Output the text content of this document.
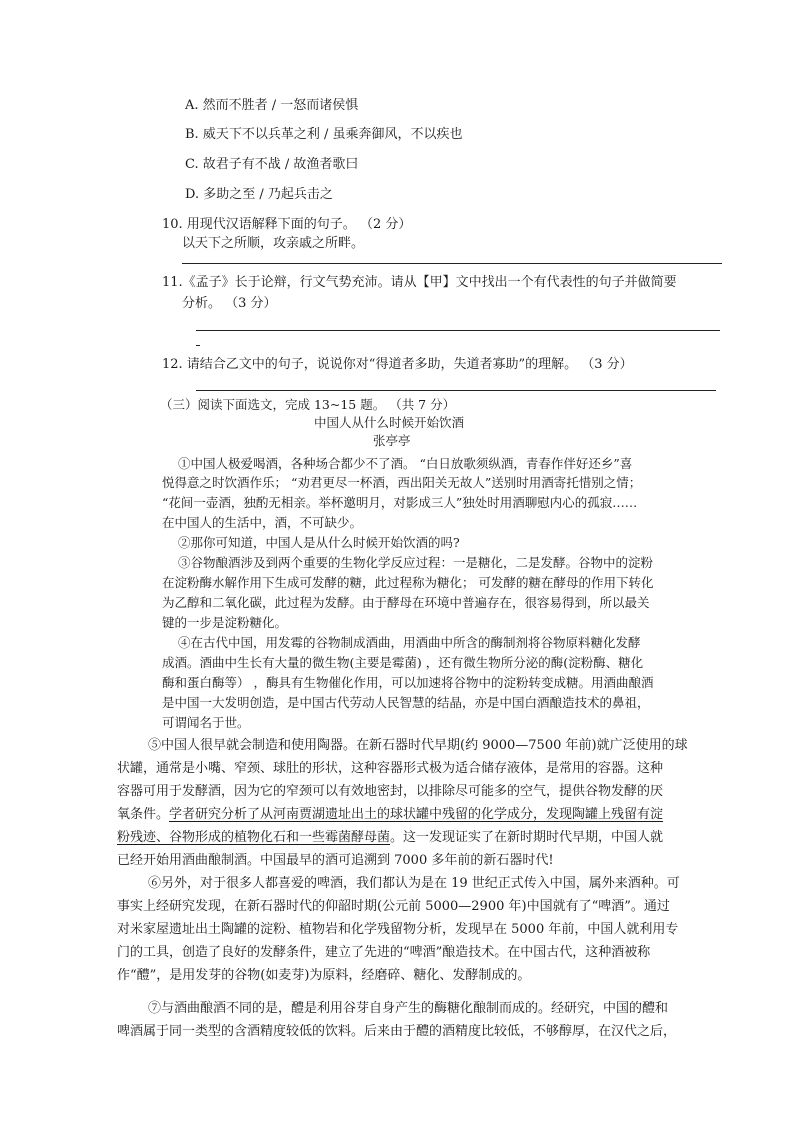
A. 然而不胜者 / 一怒而诸侯惧
B. 威天下不以兵革之利 / 虽乘奔御风，不以疾也
C. 故君子有不战 / 故渔者歌曰
D. 多助之至 / 乃起兵击之
10. 用现代汉语解释下面的句子。 （2 分）
以天下之所顺，攻亲戚之所畔。
11.《孟子》长于论辩，行文气势充沛。请从【甲】文中找出一个有代表性的句子并做简要
分析。 （3 分）
12. 请结合乙文中的句子，说说你对“得道者多助，失道者寡助”的理解。 （3 分）
（三）阅读下面选文，完成 13~15 题。 （共 7 分）
中国人从什么时候开始饮酒
张亭亭
①中国人极爱喝酒，各种场合都少不了酒。 “白日放歌须纵酒，青春作伴好还乡”喜
悦得意之时饮酒作乐； “劝君更尽一杯酒，西出阳关无故人”送别时用酒寄托惜别之情；
“花间一壶酒，独酌无相亲。举杯邀明月，对影成三人”独处时用酒聊慰内心的孤寂……
在中国人的生活中，酒，不可缺少。
②那你可知道，中国人是从什么时候开始饮酒的吗?
③谷物酿酒涉及到两个重要的生物化学反应过程：一是糖化，二是发酵。谷物中的淀粉
在淀粉酶水解作用下生成可发酵的糖，此过程称为糖化； 可发酵的糖在酵母的作用下转化
为乙醇和二氧化碳，此过程为发酵。由于酵母在环境中普遍存在，很容易得到，所以最关
键的一步是淀粉糖化。
④在古代中国，用发霉的谷物制成酒曲，用酒曲中所含的酶制剂将谷物原料糖化发酵
成酒。酒曲中生长有大量的微生物(主要是霉菌) ，还有微生物所分泌的酶(淀粉酶、糖化
酶和蛋白酶等） ，酶具有生物催化作用，可以加速将谷物中的淀粉转变成糖。用酒曲酿酒
是中国一大发明创造，是中国古代劳动人民智慧的结晶，亦是中国白酒酿造技术的鼻祖，
可谓闻名于世。
⑤中国人很早就会制造和使用陶器。在新石器时代早期(约 9000—7500 年前)就广泛使用的球
状罐，通常是小嘴、窄颈、球肚的形状，这种容器形式极为适合储存液体，是常用的容器。这种
容器可用于发酵酒，因为它的窄颈可以有效地密封，以排除尽可能多的空气，提供谷物发酵的厌
氧条件。学者研究分析了从河南贾湖遗址出土的球状罐中残留的化学成分，发现陶罐上残留有淀
粉残迹、谷物形成的植物化石和一些霉菌酵母菌。这一发现证实了在新时期时代早期，中国人就
已经开始用酒曲酿制酒。中国最早的酒可追溯到 7000 多年前的新石器时代!
⑥另外，对于很多人都喜爱的啤酒，我们都认为是在 19 世纪正式传入中国，属外来酒种。可
事实上经研究发现，在新石器时代的仰韶时期(公元前 5000—2900 年)中国就有了“啤酒”。通过
对米家屋遗址出土陶罐的淀粉、植物岩和化学残留物分析，发现早在 5000 年前，中国人就利用专
门的工具，创造了良好的发酵条件，建立了先进的“啤酒”酿造技术。在中国古代，这种酒被称
作“醴”，是用发芽的谷物(如麦芽)为原料，经磨碎、糖化、发酵制成的。
⑦与酒曲酿酒不同的是，醴是利用谷芽自身产生的酶糖化酿制而成的。经研究，中国的醴和
啤酒属于同一类型的含酒精度较低的饮料。后来由于醴的酒精度比较低，不够醇厚，在汉代之后，
